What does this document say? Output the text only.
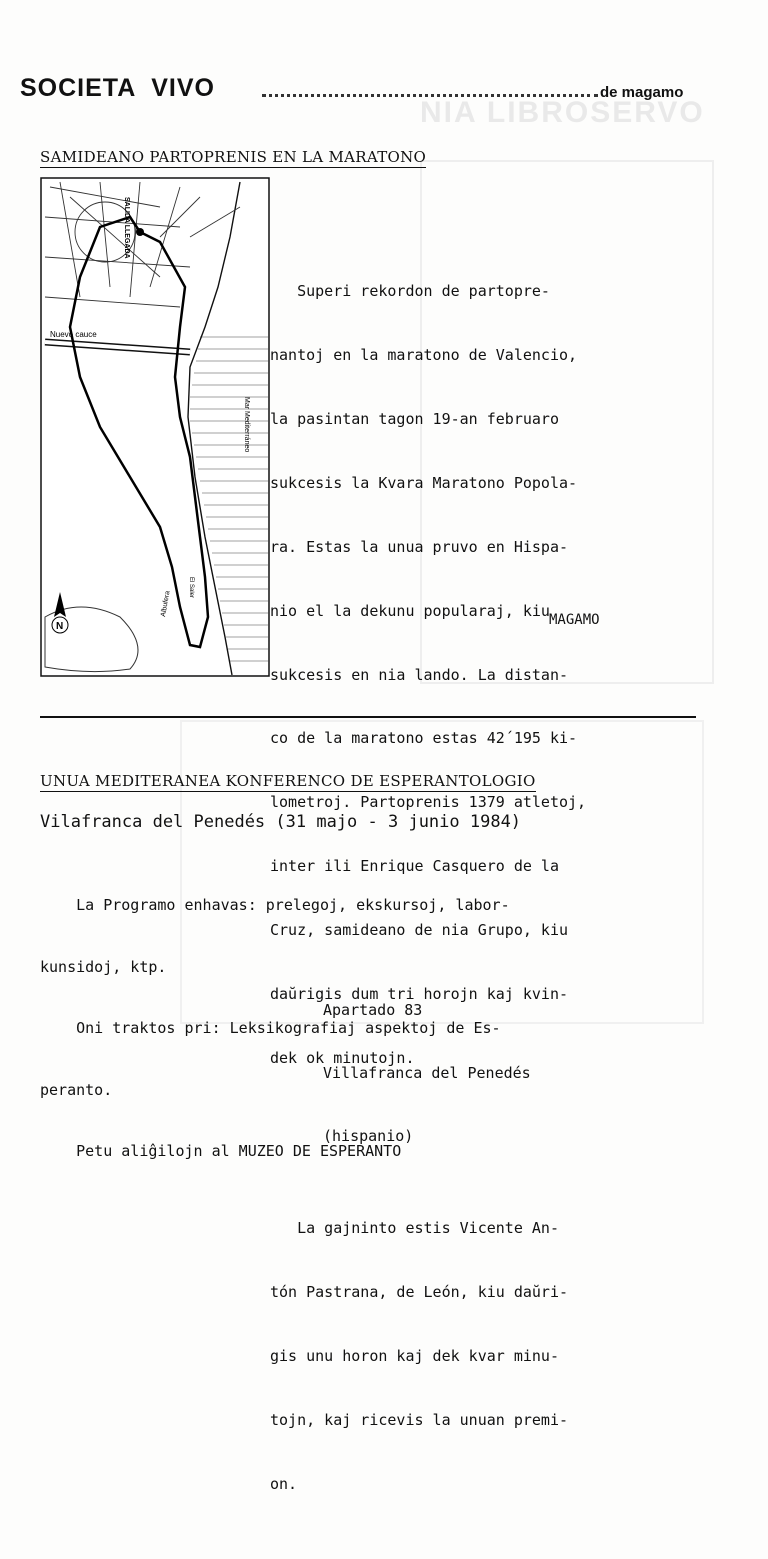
NIA LIBROSERVO
SOCIETA  VIVO	de magamo
SAMIDEANO PARTOPRENIS EN LA MARATONO
SALIDA LLEGADA
Nuevo cauce
Mar Mediterráneo
Albufera
El Saler
N

Superi rekordon de partopre-

nantoj en la maratono de Valencio,

la pasintan tagon 19-an februaro

sukcesis la Kvara Maratono Popola-

ra. Estas la unua pruvo en Hispa-

nio el la dekunu popularaj, kiu

sukcesis en nia lando. La distan-

co de la maratono estas 42´195 ki-

lometroj. Partoprenis 1379 atletoj,

inter ili Enrique Casquero de la

Cruz, samideano de nia Grupo, kiu

daŭrigis dum tri horojn kaj kvin-

dek ok minutojn.

La gajninto estis Vicente An-

tón Pastrana, de León, kiu daŭri-

gis unu horon kaj dek kvar minu-

tojn, kaj ricevis la unuan premi-

on.

MAGAMO
UNUA MEDITERANEA KONFERENCO DE ESPERANTOLOGIO
Vilafranca del Penedés (31 majo - 3 junio 1984)

La Programo enhavas: prelegoj, ekskursoj, labor-

kunsidoj, ktp.

Oni traktos pri: Leksikografiaj aspektoj de Es-

peranto.

Petu aliĝilojn al MUZEO DE ESPERANTO

Apartado 83

Villafranca del Penedés

(hispanio)
